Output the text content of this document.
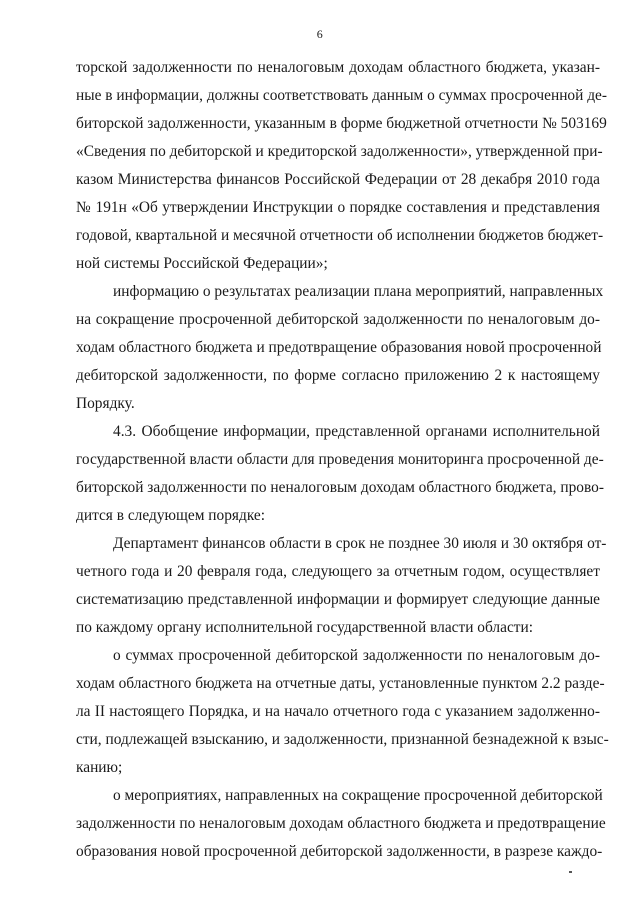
6
торской задолженности по неналоговым доходам областного бюджета, указан-
ные в информации, должны соответствовать данным о суммах просроченной де-
биторской задолженности, указанным в форме бюджетной отчетности № 503169
«Сведения по дебиторской и кредиторской задолженности», утвержденной при-
казом Министерства финансов Российской Федерации от 28 декабря 2010 года
№ 191н «Об утверждении Инструкции о порядке составления и представления
годовой, квартальной и месячной отчетности об исполнении бюджетов бюджет-
ной системы Российской Федерации»;
информацию о результатах реализации плана мероприятий, направленных
на сокращение просроченной дебиторской задолженности по неналоговым до-
ходам областного бюджета и предотвращение образования новой просроченной
дебиторской задолженности, по форме согласно приложению 2 к настоящему
Порядку.
4.3. Обобщение информации, представленной органами исполнительной
государственной власти области для проведения мониторинга просроченной де-
биторской задолженности по неналоговым доходам областного бюджета, прово-
дится в следующем порядке:
Департамент финансов области в срок не позднее 30 июля и 30 октября от-
четного года и 20 февраля года, следующего за отчетным годом, осуществляет
систематизацию представленной информации и формирует следующие данные
по каждому органу исполнительной государственной власти области:
о суммах просроченной дебиторской задолженности по неналоговым до-
ходам областного бюджета на отчетные даты, установленные пунктом 2.2 разде-
ла II настоящего Порядка, и на начало отчетного года с указанием задолженно-
сти, подлежащей взысканию, и задолженности, признанной безнадежной к взыс-
канию;
о мероприятиях, направленных на сокращение просроченной дебиторской
задолженности по неналоговым доходам областного бюджета и предотвращение
образования новой просроченной дебиторской задолженности, в разрезе каждо-
